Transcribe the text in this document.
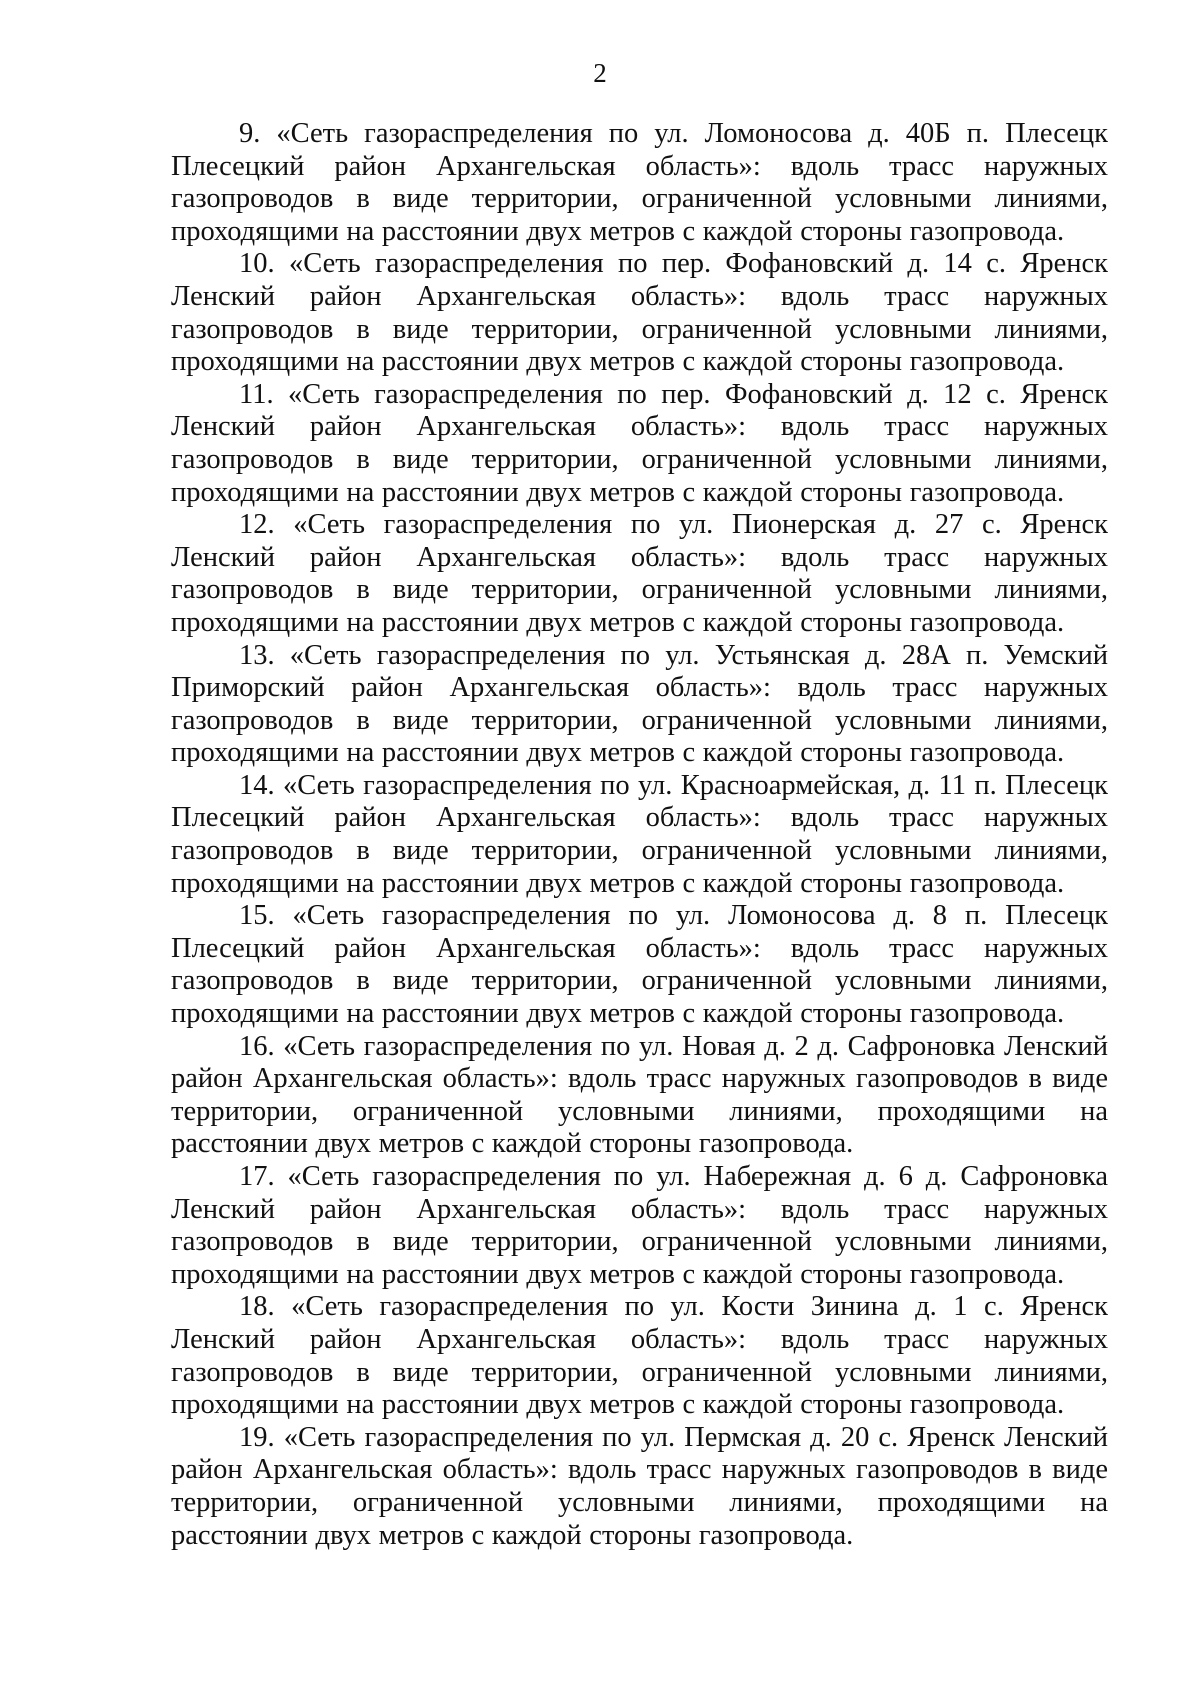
2

9. «Сеть газораспределения по ул. Ломоносова д. 40Б п. Плесецк Плесецкий район Архангельская область»: вдоль трасс наружных газопроводов в виде территории, ограниченной условными линиями, проходящими на расстоянии двух метров с каждой стороны газопровода.

10. «Сеть газораспределения по пер. Фофановский д. 14 с. Яренск Ленский район Архангельская область»: вдоль трасс наружных газопроводов в виде территории, ограниченной условными линиями, проходящими на расстоянии двух метров с каждой стороны газопровода.

11. «Сеть газораспределения по пер. Фофановский д. 12 с. Яренск Ленский район Архангельская область»: вдоль трасс наружных газопроводов в виде территории, ограниченной условными линиями, проходящими на расстоянии двух метров с каждой стороны газопровода.

12. «Сеть газораспределения по ул. Пионерская д. 27 с. Яренск Ленский район Архангельская область»: вдоль трасс наружных газопроводов в виде территории, ограниченной условными линиями, проходящими на расстоянии двух метров с каждой стороны газопровода.

13. «Сеть газораспределения по ул. Устьянская д. 28А п. Уемский Приморский район Архангельская область»: вдоль трасс наружных газопроводов в виде территории, ограниченной условными линиями, проходящими на расстоянии двух метров с каждой стороны газопровода.

14. «Сеть газораспределения по ул. Красноармейская, д. 11 п. Плесецк Плесецкий район Архангельская область»: вдоль трасс наружных газопроводов в виде территории, ограниченной условными линиями, проходящими на расстоянии двух метров с каждой стороны газопровода.

15. «Сеть газораспределения по ул. Ломоносова д. 8 п. Плесецк Плесецкий район Архангельская область»: вдоль трасс наружных газопроводов в виде территории, ограниченной условными линиями, проходящими на расстоянии двух метров с каждой стороны газопровода.

16. «Сеть газораспределения по ул. Новая д. 2 д. Сафроновка Ленский район Архангельская область»: вдоль трасс наружных газопроводов в виде территории, ограниченной условными линиями, проходящими на расстоянии двух метров с каждой стороны газопровода.

17. «Сеть газораспределения по ул. Набережная д. 6 д. Сафроновка Ленский район Архангельская область»: вдоль трасс наружных газопроводов в виде территории, ограниченной условными линиями, проходящими на расстоянии двух метров с каждой стороны газопровода.

18. «Сеть газораспределения по ул. Кости Зинина д. 1 с. Яренск Ленский район Архангельская область»: вдоль трасс наружных газопроводов в виде территории, ограниченной условными линиями, проходящими на расстоянии двух метров с каждой стороны газопровода.

19. «Сеть газораспределения по ул. Пермская д. 20 с. Яренск Ленский район Архангельская область»: вдоль трасс наружных газопроводов в виде территории, ограниченной условными линиями, проходящими на расстоянии двух метров с каждой стороны газопровода.
